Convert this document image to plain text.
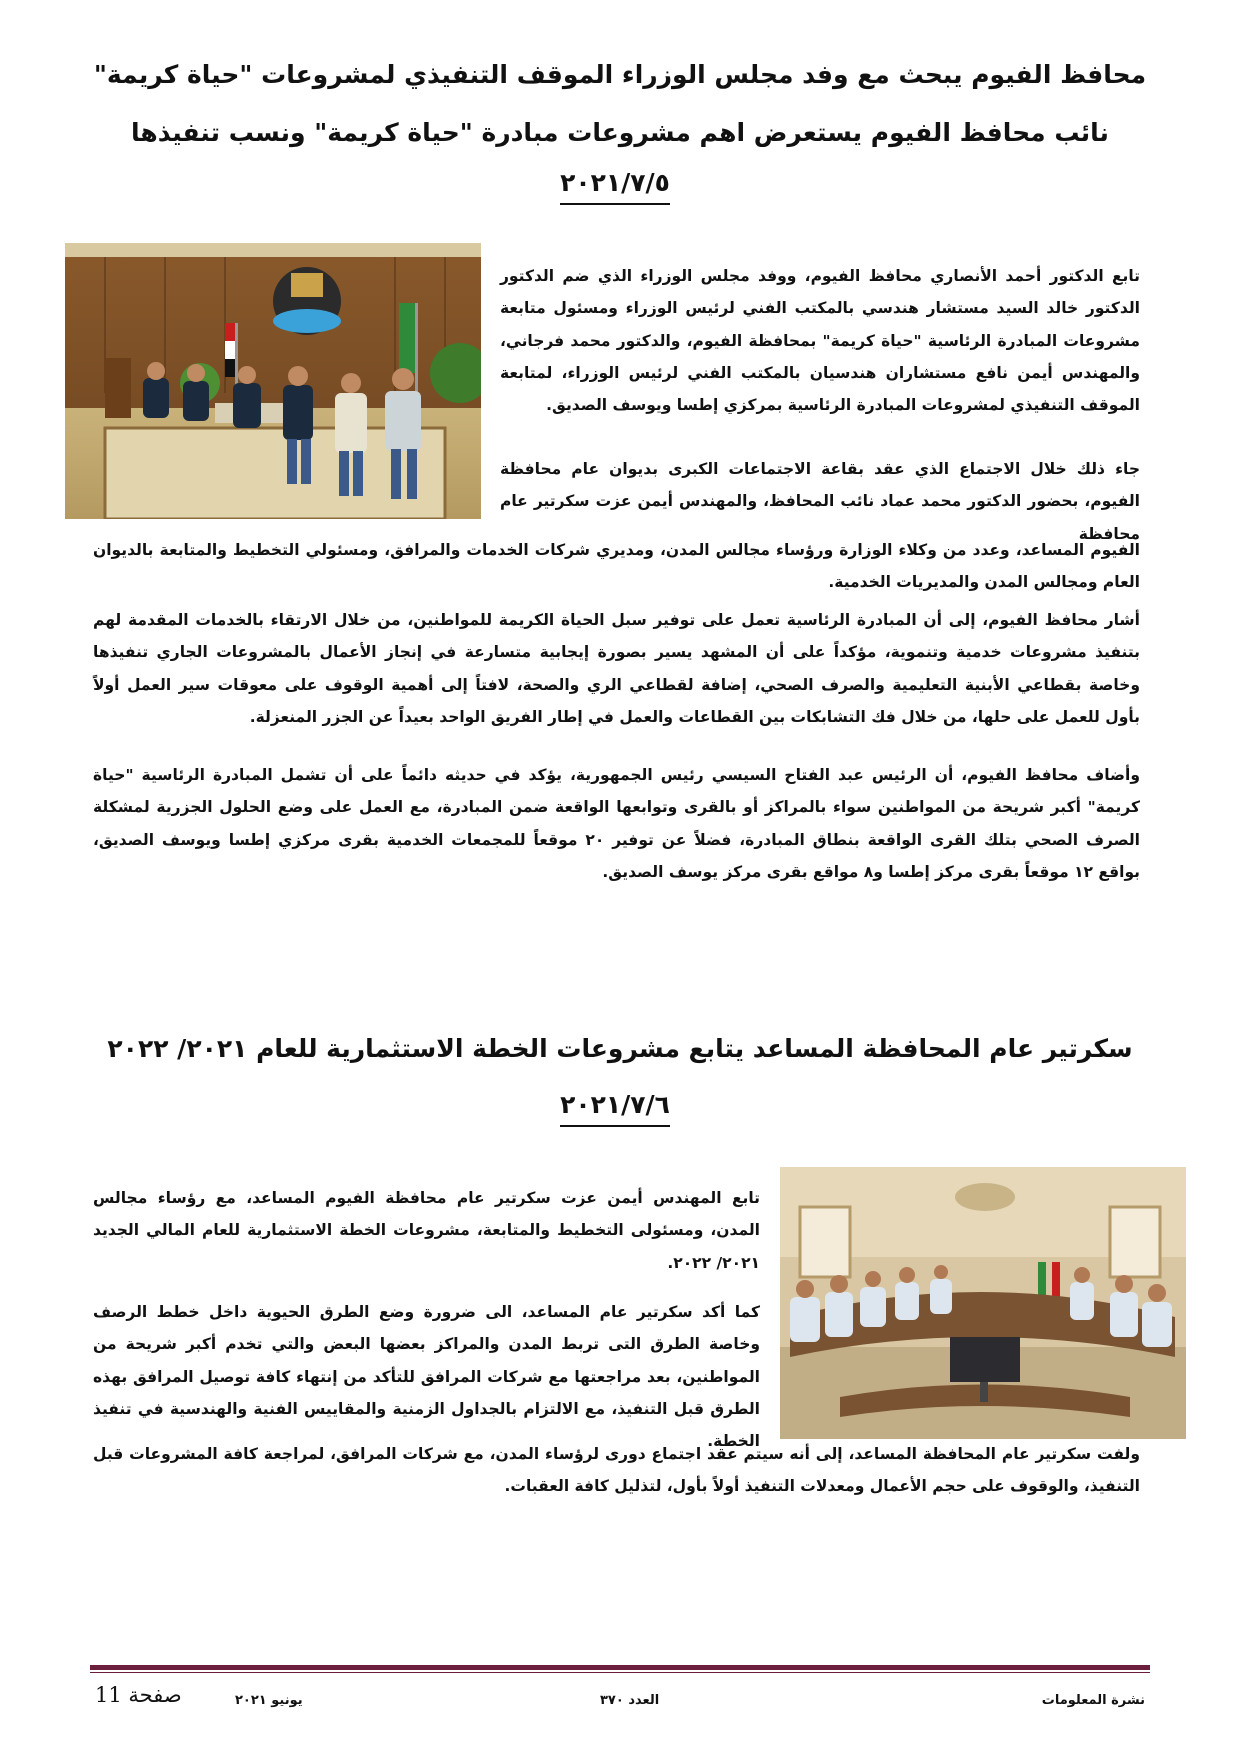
محافظ الفيوم يبحث مع وفد مجلس الوزراء الموقف التنفيذي لمشروعات "حياة كريمة"
نائب محافظ الفيوم يستعرض اهم مشروعات مبادرة "حياة كريمة" ونسب تنفيذها
٢٠٢١/٧/٥

تابع الدكتور أحمد الأنصاري محافظ الفيوم، ووفد مجلس الوزراء الذي ضم الدكتور الدكتور خالد السيد مستشار هندسي بالمكتب الفني لرئيس الوزراء ومسئول متابعة مشروعات المبادرة الرئاسية "حياة كريمة" بمحافظة الفيوم، والدكتور محمد فرجاني، والمهندس أيمن نافع مستشاران هندسيان بالمكتب الفني لرئيس الوزراء، لمتابعة الموقف التنفيذي لمشروعات المبادرة الرئاسية بمركزي إطسا ويوسف الصديق.

جاء ذلك خلال الاجتماع الذي عقد بقاعة الاجتماعات الكبرى بديوان عام محافظة الفيوم، بحضور الدكتور محمد عماد نائب المحافظ، والمهندس أيمن عزت سكرتير عام محافظة

الفيوم المساعد، وعدد من وكلاء الوزارة ورؤساء مجالس المدن، ومديري شركات الخدمات والمرافق، ومسئولي التخطيط والمتابعة بالديوان العام ومجالس المدن والمديريات الخدمية.

أشار محافظ الفيوم، إلى أن المبادرة الرئاسية تعمل على توفير سبل الحياة الكريمة للمواطنين، من خلال الارتقاء بالخدمات المقدمة لهم بتنفيذ مشروعات خدمية وتنموية، مؤكداً على أن المشهد يسير بصورة إيجابية متسارعة في إنجاز الأعمال بالمشروعات الجاري تنفيذها وخاصة بقطاعي الأبنية التعليمية والصرف الصحي، إضافة لقطاعي الري والصحة، لافتاً إلى أهمية الوقوف على معوقات سير العمل أولاً بأول للعمل على حلها، من خلال فك التشابكات بين القطاعات والعمل في إطار الفريق الواحد بعيداً عن الجزر المنعزلة.

وأضاف محافظ الفيوم، أن الرئيس عبد الفتاح السيسي رئيس الجمهورية، يؤكد في حديثه دائماً على أن تشمل المبادرة الرئاسية "حياة كريمة" أكبر شريحة من المواطنين سواء بالمراكز أو بالقرى وتوابعها الواقعة ضمن المبادرة، مع العمل على وضع الحلول الجزرية لمشكلة الصرف الصحي بتلك القرى الواقعة بنطاق المبادرة، فضلاً عن توفير ٢٠ موقعاً للمجمعات الخدمية بقرى مركزي إطسا ويوسف الصديق، بواقع ١٢ موقعاً بقرى مركز إطسا و٨ مواقع بقرى مركز يوسف الصديق.

سكرتير عام المحافظة المساعد يتابع مشروعات الخطة الاستثمارية للعام ٢٠٢١/ ٢٠٢٢
٢٠٢١/٧/٦

تابع المهندس أيمن عزت سكرتير عام محافظة الفيوم المساعد، مع رؤساء مجالس المدن، ومسئولى التخطيط والمتابعة، مشروعات الخطة الاستثمارية للعام المالي الجديد ٢٠٢١/ ٢٠٢٢.

كما أكد سكرتير عام المساعد، الى ضرورة وضع الطرق الحيوية داخل خطط الرصف وخاصة الطرق التى تربط المدن والمراكز بعضها البعض والتي تخدم أكبر شريحة من المواطنين، بعد مراجعتها مع شركات المرافق للتأكد من إنتهاء كافة توصيل المرافق بهذه الطرق قبل التنفيذ، مع الالتزام بالجداول الزمنية والمقاييس الفنية والهندسية في تنفيذ الخطة.

ولفت سكرتير عام المحافظة المساعد، إلى أنه سيتم عقد اجتماع دورى لرؤساء المدن، مع شركات المرافق، لمراجعة كافة المشروعات قبل التنفيذ، والوقوف على حجم الأعمال ومعدلات التنفيذ أولاً بأول، لتذليل كافة العقبات.

نشرة المعلومات
العدد ٣٧٠
يونيو ٢٠٢١
صفحة 11
